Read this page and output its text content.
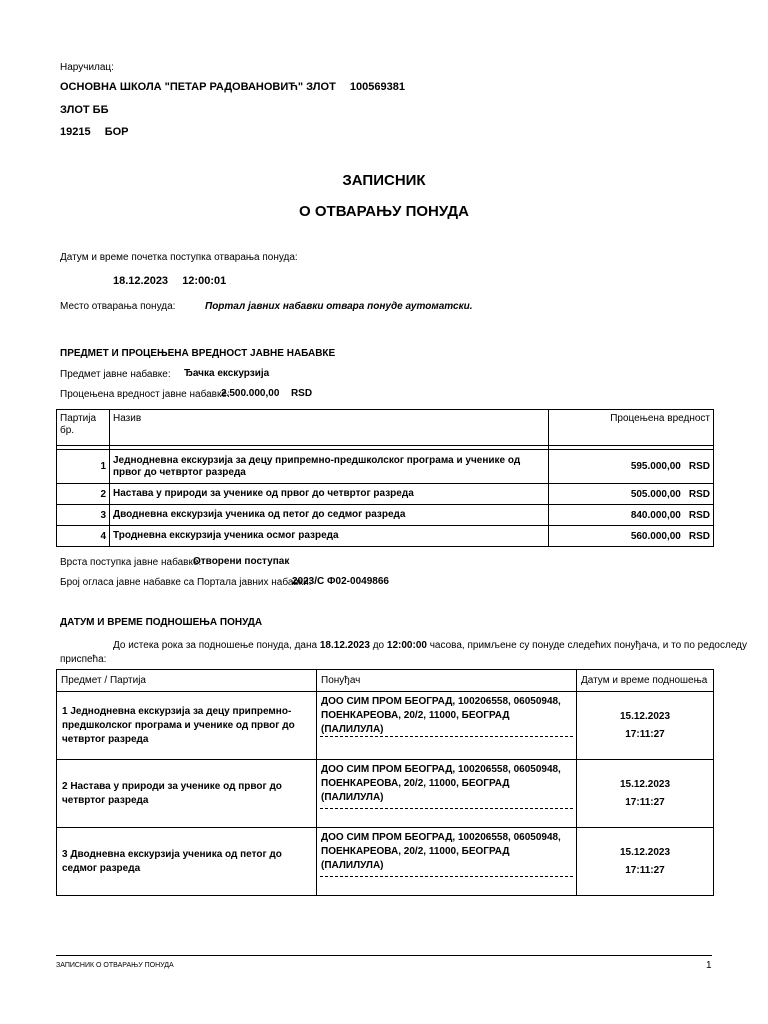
Наручилац:
ОСНОВНА ШКОЛА "ПЕТАР РАДОВАНОВИЋ" ЗЛОТ 100569381
ЗЛОТ ББ
19215 БОР
ЗАПИСНИК
О ОТВАРАЊУ ПОНУДА
Датум и време почетка поступка отварања понуда:
18.12.2023 12:00:01
Место отварања понуда:	Портал јавних набавки отвара понуде аутоматски.
ПРЕДМЕТ И ПРОЦЕЊЕНА ВРЕДНОСТ ЈАВНЕ НАБАВКЕ
Предмет јавне набавке: Ђачка екскурзија
Процењена вредност јавне набавке:
2.500.000,00 RSD
Партија бр.	Назив	Процењена вредност

1	Једнодневна екскурзија за децу припремно-предшколског програма и ученике од првог до четвртог разреда	595.000,00 RSD
2	Настава у природи за ученике од првог до четвртог разреда	505.000,00 RSD
3	Дводневна екскурзија ученика од петог до седмог разреда	840.000,00 RSD
4	Тродневна екскурзија ученика осмог разреда	560.000,00 RSD
Врста поступка јавне набавке:
Отворени поступак
Број огласа јавне набавке са Портала јавних набавки:
2023/С Ф02-0049866
ДАТУМ И ВРЕМЕ ПОДНОШЕЊА ПОНУДА
До истека рока за подношење понуда, дана 18.12.2023 до 12:00:00 часова, примљене су понуде следећих понуђача, и то по редоследу
приспећа:
Предмет / Партија	Понуђач	Датум и време подношења
1 Једнодневна екскурзија за децу припремно-предшколског програма и ученике од првог до четвртог разреда	ДОО СИМ ПРОМ БЕОГРАД, 100206558, 06050948, ПОЕНКАРЕОВА, 20/2, 11000, БЕОГРАД (ПАЛИЛУЛА)	15.12.2023
17:11:27

2 Настава у природи за ученике од првог до четвртог разреда	ДОО СИМ ПРОМ БЕОГРАД, 100206558, 06050948, ПОЕНКАРЕОВА, 20/2, 11000, БЕОГРАД (ПАЛИЛУЛА)	15.12.2023
17:11:27

3 Дводневна екскурзија ученика од петог до седмог разреда	ДОО СИМ ПРОМ БЕОГРАД, 100206558, 06050948, ПОЕНКАРЕОВА, 20/2, 11000, БЕОГРАД (ПАЛИЛУЛА)	15.12.2023
17:11:27
ЗАПИСНИК О ОТВАРАЊУ ПОНУДА	1
